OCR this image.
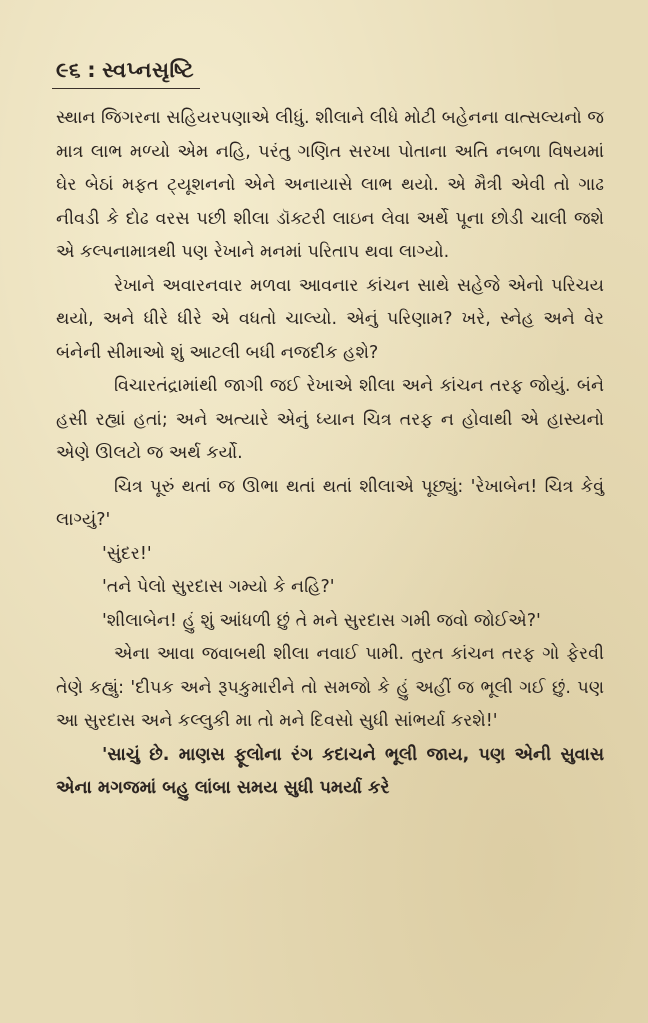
૯૬ : સ્વપ્નસૃષ્ટિ

સ્થાન જિગરના સહિયરપણાએ લીધું. શીલાને લીધે મોટી બહેનના વાત્સલ્યનો જ માત્ર લાભ મળ્યો એમ નહિ, પરંતુ ગણિત સરખા પોતાના અતિ નબળા વિષયમાં ઘેર બેઠાં મફત ટ્યૂશનનો એને અનાયાસે લાભ થયો. એ મૈત્રી એવી તો ગાઢ નીવડી કે દોઢ વરસ પછી શીલા ડૉક્ટરી લાઇન લેવા અર્થે પૂના છોડી ચાલી જશે એ કલ્પનામાત્રથી પણ રેખાને મનમાં પરિતાપ થવા લાગ્યો.

રેખાને અવારનવાર મળવા આવનાર કાંચન સાથે સહેજે એનો પરિચય થયો, અને ધીરે ધીરે એ વધતો ચાલ્યો. એનું પરિણામ? ખરે, સ્નેહ અને વેર બંનેની સીમાઓ શું આટલી બધી નજદીક હશે?

વિચારતંદ્રામાંથી જાગી જઈ રેખાએ શીલા અને કાંચન તરફ જોયું. બંને હસી રહ્યાં હતાં; અને અત્યારે એનું ધ્યાન ચિત્ર તરફ ન હોવાથી એ હાસ્યનો એણે ઊલટો જ અર્થ કર્યો.

ચિત્ર પૂરું થતાં જ ઊભા થતાં થતાં શીલાએ પૂછ્યું: 'રેખાબેન! ચિત્ર કેવું લાગ્યું?'

'સુંદર!'

'તને પેલો સુરદાસ ગમ્યો કે નહિ?'

'શીલાબેન! હું શું આંધળી છું તે મને સુરદાસ ગમી જવો જોઈએ?'

એના આવા જવાબથી શીલા નવાઈ પામી. તુરત કાંચન તરફ ગો ફેરવી તેણે કહ્યું: 'દીપક અને રૂપકુમારીને તો સમજો કે હું અહીં જ ભૂલી ગઈ છું. પણ આ સુરદાસ અને કલ્લુકી મા તો મને દિવસો સુધી સાંભર્યા કરશે!'

'સાચું છે. માણસ ફૂલોના રંગ કદાચને ભૂલી જાય, પણ એની સુવાસ એના મગજમાં બહુ લાંબા સમય સુધી પમર્યા કરે
